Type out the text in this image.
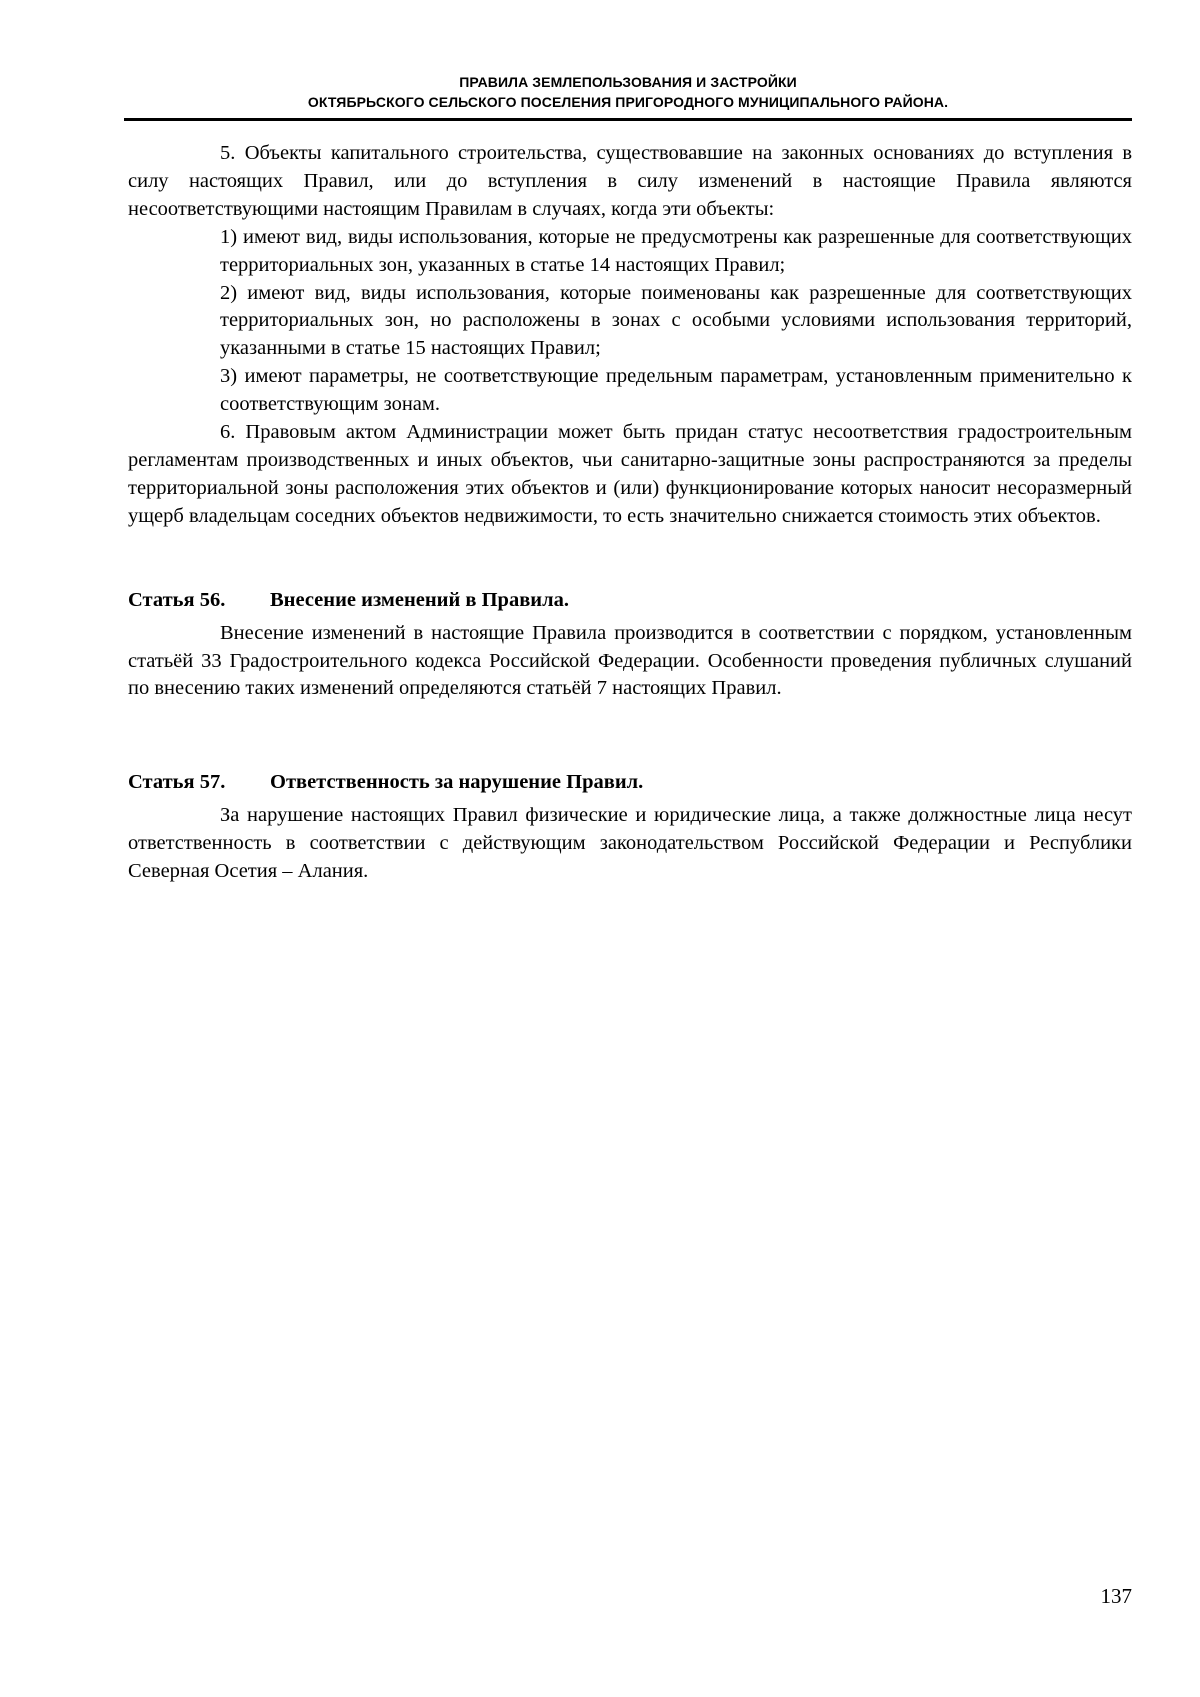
ПРАВИЛА ЗЕМЛЕПОЛЬЗОВАНИЯ И ЗАСТРОЙКИ
ОКТЯБРЬСКОГО СЕЛЬСКОГО ПОСЕЛЕНИЯ ПРИГОРОДНОГО МУНИЦИПАЛЬНОГО РАЙОНА.

5. Объекты капитального строительства, существовавшие на законных основаниях до вступления в силу настоящих Правил, или до вступления в силу изменений в настоящие Правила являются несоответствующими настоящим Правилам в случаях, когда эти объекты:

1) имеют вид, виды использования, которые не предусмотрены как разрешенные для соответствующих территориальных зон, указанных в статье 14 настоящих Правил;

2) имеют вид, виды использования, которые поименованы как разрешенные для соответствующих территориальных зон, но расположены в зонах с особыми условиями использования территорий, указанными в статье 15 настоящих Правил;

3) имеют параметры, не соответствующие предельным параметрам, установленным применительно к соответствующим зонам.

6. Правовым актом Администрации может быть придан статус несоответствия градостроительным регламентам производственных и иных объектов, чьи санитарно-защитные зоны распространяются за пределы территориальной зоны расположения этих объектов и (или) функционирование которых наносит несоразмерный ущерб владельцам соседних объектов недвижимости, то есть значительно снижается стоимость этих объектов.

Статья 56.	Внесение изменений в Правила.

Внесение изменений в настоящие Правила производится в соответствии с порядком, установленным статьёй 33 Градостроительного кодекса Российской Федерации. Особенности проведения публичных слушаний по внесению таких изменений определяются статьёй 7 настоящих Правил.

Статья 57.	Ответственность за нарушение Правил.

За нарушение настоящих Правил физические и юридические лица, а также должностные лица несут ответственность в соответствии с действующим законодательством Российской Федерации и Республики Северная Осетия – Алания.

137
